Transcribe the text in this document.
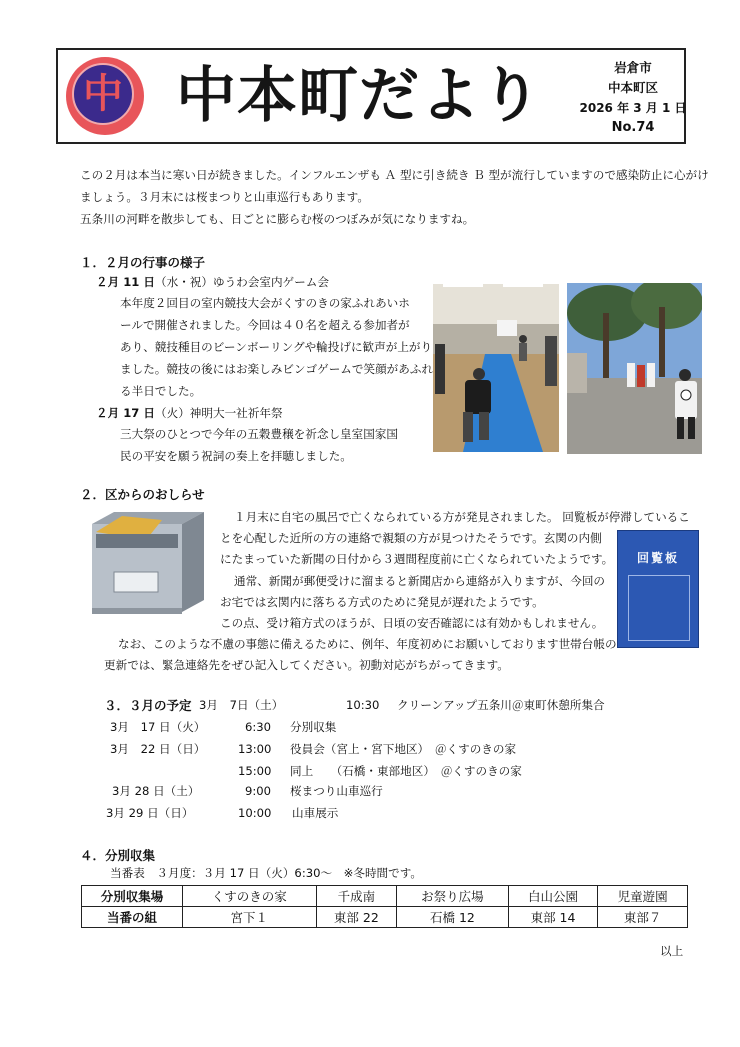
中 中本町だより	岩倉市
中本町区
2026 年 3 月 1 日
No.74
この２月は本当に寒い日が続きました。インフルエンザも Ａ 型に引き続き Ｂ 型が流行していますので感染防止に心がけ
ましょう。３月末には桜まつりと山車巡行もあります。
五条川の河畔を散歩しても、日ごとに膨らむ桜のつぼみが気になりますね。
１．２月の行事の様子
２月 11 日（水・祝）ゆうわ会室内ゲーム会
本年度２回目の室内競技大会がくすのきの家ふれあいホ
ールで開催されました。今回は４０名を超える参加者が
あり、競技種目のビーンボーリングや輪投げに歓声が上がり
ました。競技の後にはお楽しみビンゴゲームで笑顔があふれ
る半日でした。
２月 17 日（火）神明大一社祈年祭
三大祭のひとつで今年の五穀豊穣を祈念し皇室国家国
民の平安を願う祝詞の奏上を拝聴しました。
２．区からのおしらせ
１月末に自宅の風呂で亡くなられている方が発見されました。 回覧板が停滞しているこ
とを心配した近所の方の連絡で親類の方が見つけたそうです。玄関の内側
にたまっていた新聞の日付から３週間程度前に亡くなられていたようです。
通常、新聞が郵便受けに溜まると新聞店から連絡が入りますが、今回の
お宅では玄関内に落ちる方式のために発見が遅れたようです。
この点、受け箱方式のほうが、日頃の安否確認には有効かもしれません。
なお、このような不慮の事態に備えるために、例年、年度初めにお願いしております世帯台帳の
更新では、緊急連絡先をぜひ記入してください。初動対応がちがってきます。
回覧板
３．３月の予定 3月　7日（土）	10:30 クリーンアップ五条川＠東町休憩所集合
3月　17 日（火）	6:30 分別収集
3月　22 日（日）	13:00 役員会（宮上・宮下地区）　＠くすのきの家
15:00 同上　　（石橋・東部地区）　＠くすのきの家
3月 28 日（土）	9:00 桜まつり山車巡行
3月 29 日（日）	10:00 山車展示
４．分別収集
当番表　３月度：３月 17 日（火）6:30～　※冬時間です。
分別収集場	くすのきの家	千成南	お祭り広場	白山公園	児童遊園
当番の組	宮下１	東部 22	石橋 12	東部 14	東部７
以上
